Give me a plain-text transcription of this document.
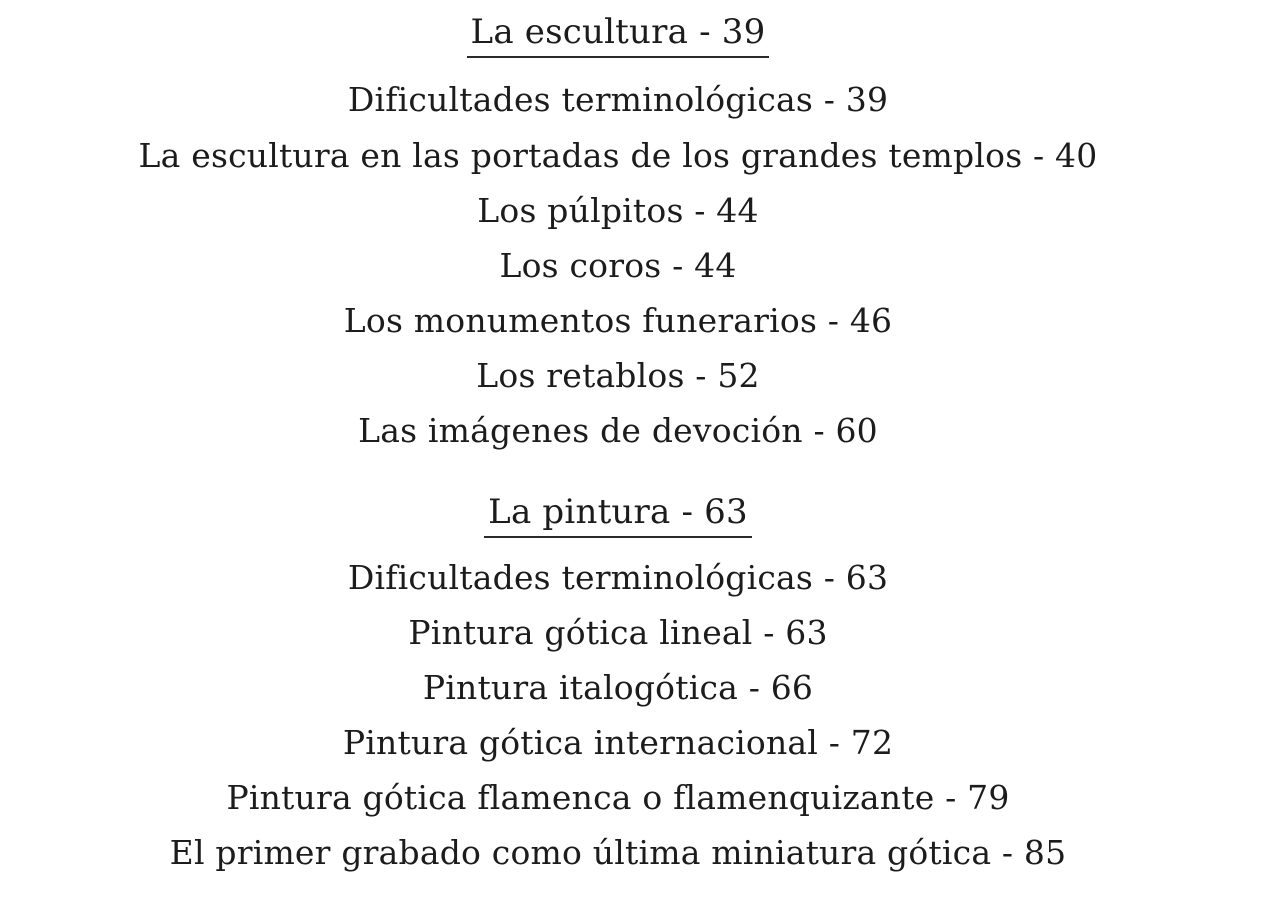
La escultura - 39
Dificultades terminológicas - 39
La escultura en las portadas de los grandes templos - 40
Los púlpitos - 44
Los coros - 44
Los monumentos funerarios - 46
Los retablos - 52
Las imágenes de devoción - 60
La pintura - 63
Dificultades terminológicas - 63
Pintura gótica lineal - 63
Pintura italogótica - 66
Pintura gótica internacional - 72
Pintura gótica flamenca o flamenquizante - 79
El primer grabado como última miniatura gótica - 85
